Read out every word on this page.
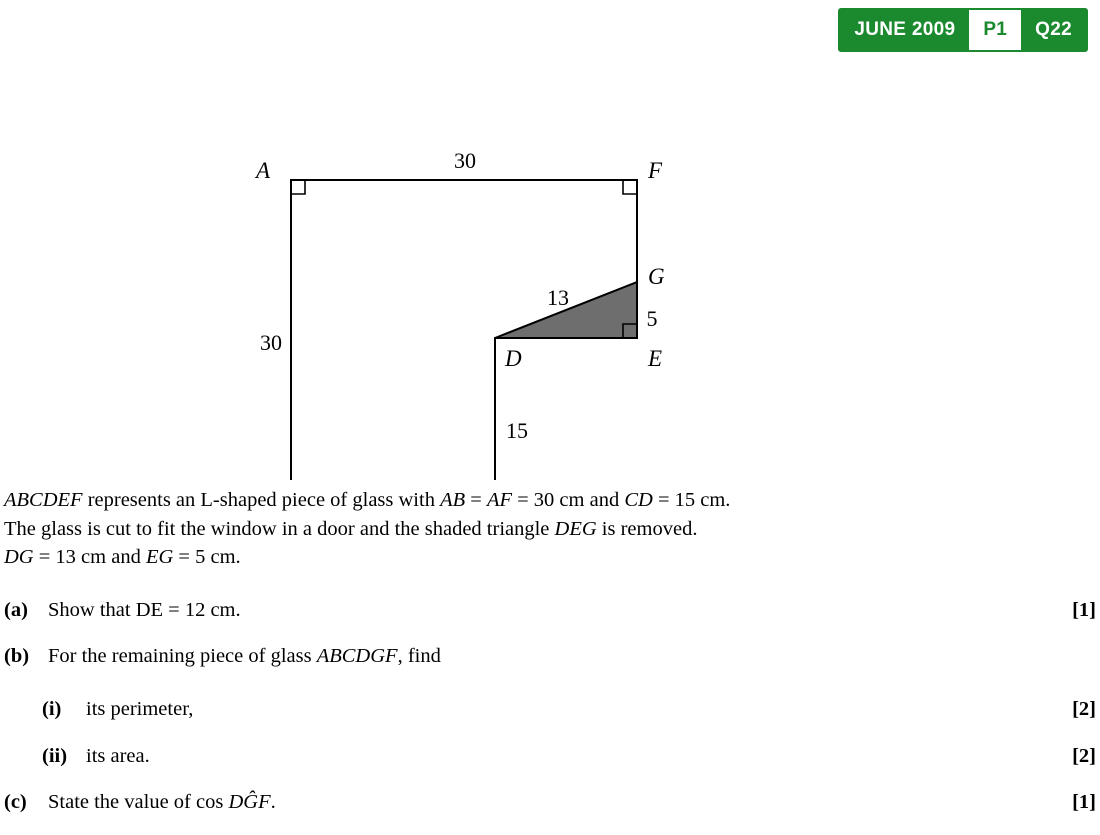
JUNE 2009	P1	Q22
A	F
G
E
D
30
30
13
5
15

ABCDEF represents an L-shaped piece of glass with AB = AF = 30 cm and CD = 15 cm.
The glass is cut to fit the window in a door and the shaded triangle DEG is removed.
DG = 13 cm and EG = 5 cm.

(a) Show that DE = 12 cm.	[1]
(b) For the remaining piece of glass ABCDGF, find
(i)	its perimeter,	[2]
(ii) its area.	[2]
(c)	State the value of cos DĜF.	[1]
